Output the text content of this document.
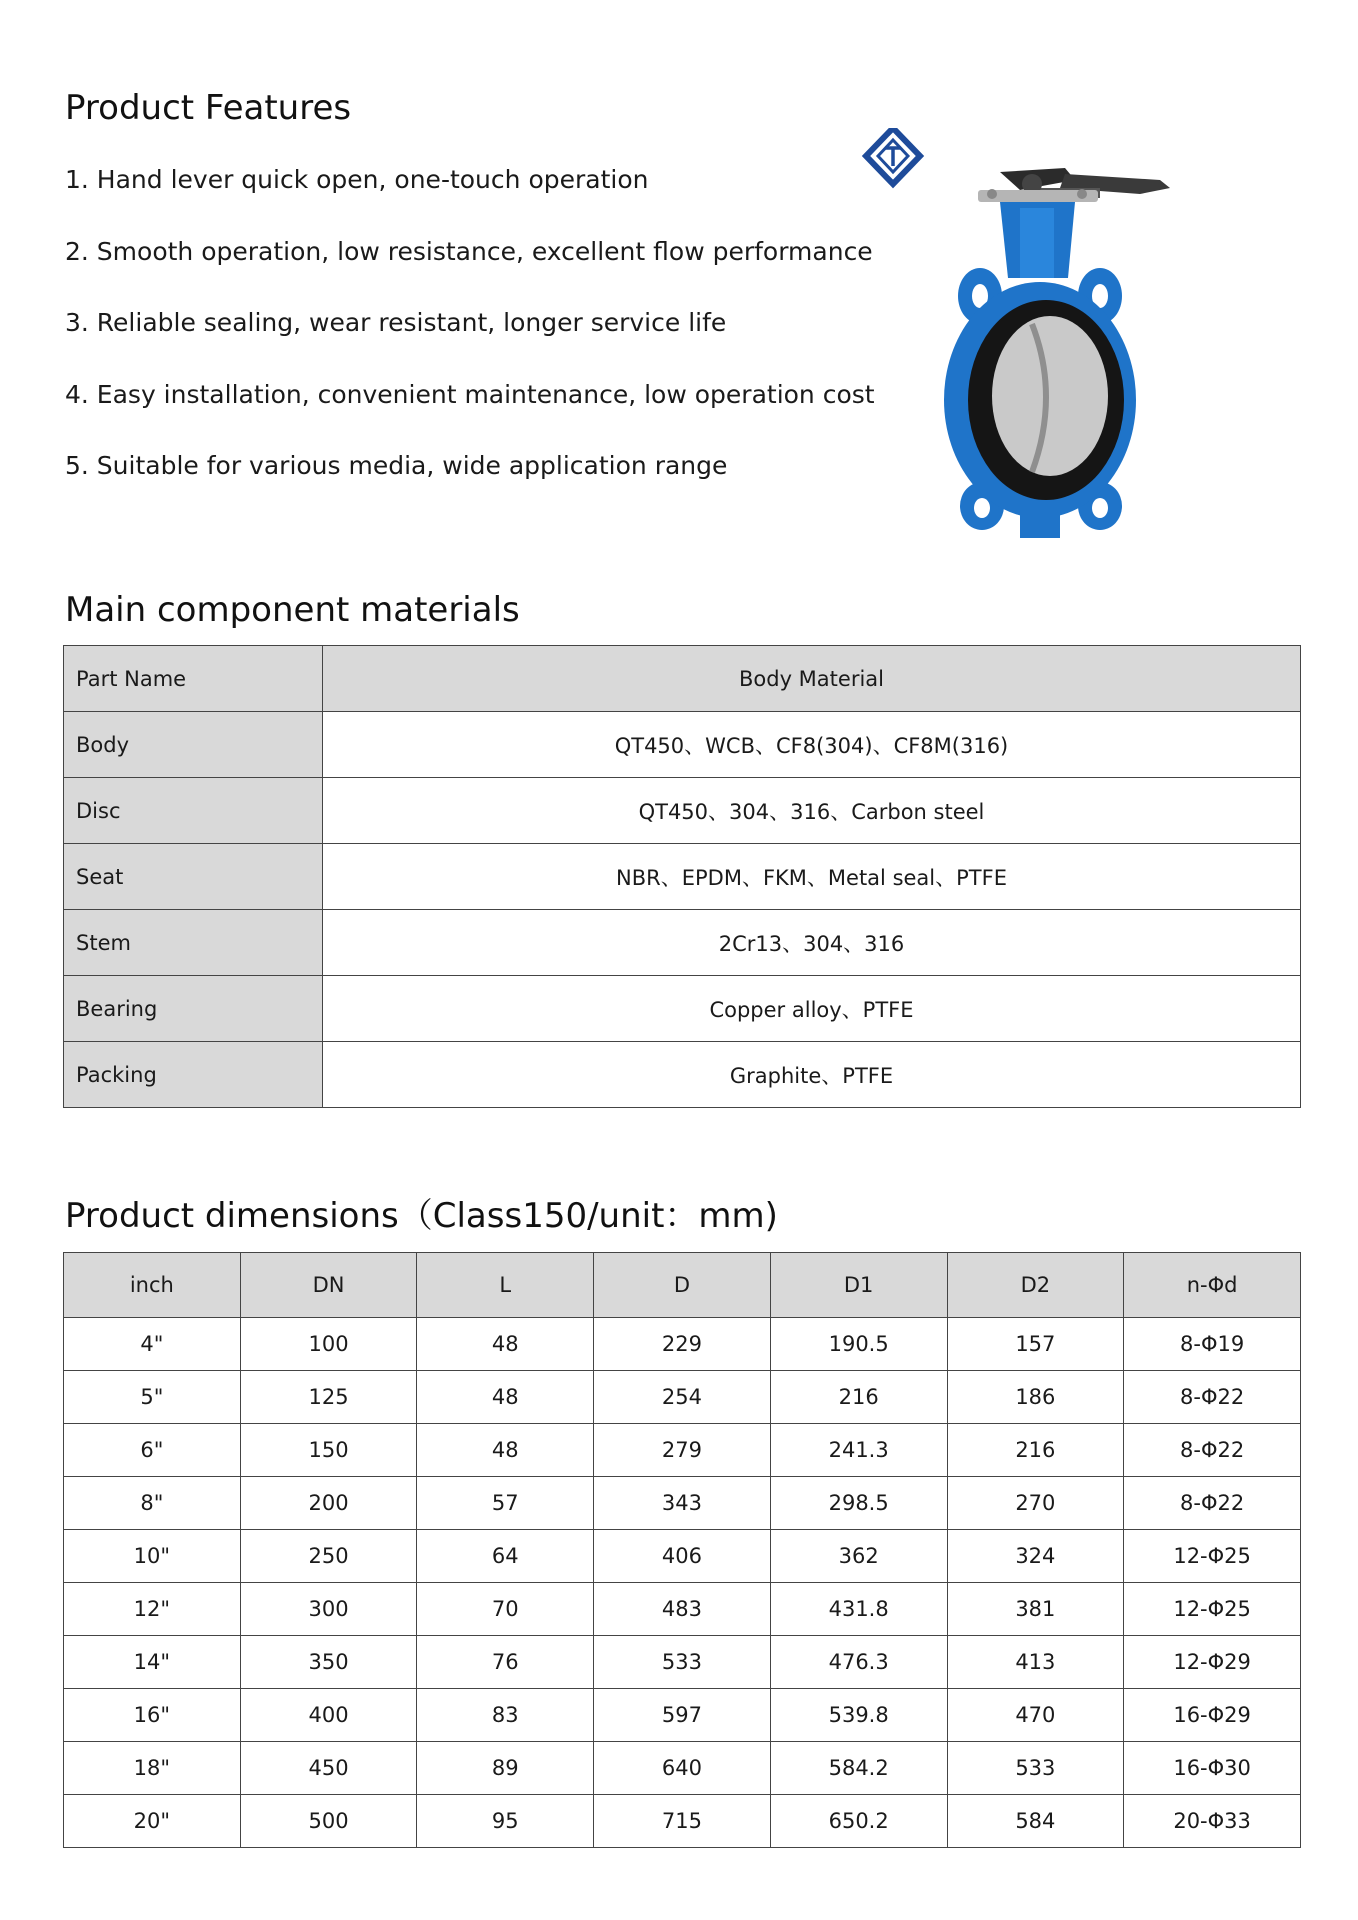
Product Features
1. Hand lever quick open, one-touch operation
2. Smooth operation, low resistance, excellent flow performance
3. Reliable sealing, wear resistant, longer service life
4. Easy installation, convenient maintenance, low operation cost
5. Suitable for various media, wide application range
Main component materials
Part Name	Body Material
Body	QT450、WCB、CF8(304)、CF8M(316)
Disc	QT450、304、316、Carbon steel
Seat	NBR、EPDM、FKM、Metal seal、PTFE
Stem	2Cr13、304、316
Bearing	Copper alloy、PTFE
Packing	Graphite、PTFE
Product dimensions（Class150/unit：mm)
inch	DN	L	D	D1	D2	n-Φd
4"	100	48	229	190.5	157	8-Φ19
5"	125	48	254	216	186	8-Φ22
6"	150	48	279	241.3	216	8-Φ22
8"	200	57	343	298.5	270	8-Φ22
10"	250	64	406	362	324	12-Φ25
12"	300	70	483	431.8	381	12-Φ25
14"	350	76	533	476.3	413	12-Φ29
16"	400	83	597	539.8	470	16-Φ29
18"	450	89	640	584.2	533	16-Φ30
20"	500	95	715	650.2	584	20-Φ33
